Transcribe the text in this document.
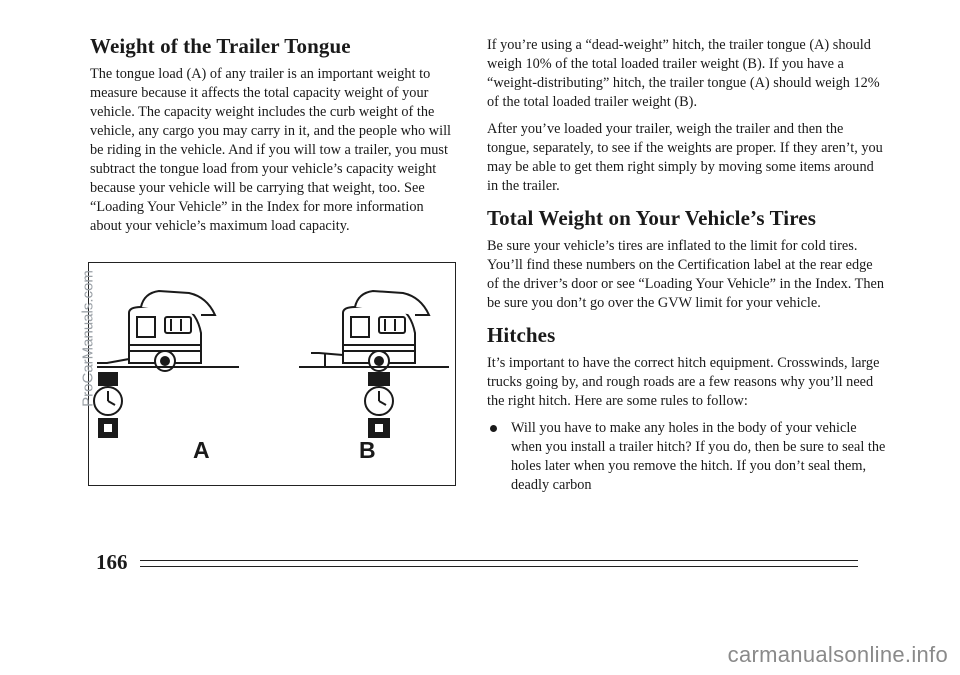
Weight of the Trailer Tongue

The tongue load (A) of any trailer is an important weight to measure because it affects the total capacity weight of your vehicle. The capacity weight includes the curb weight of the vehicle, any cargo you may carry in it, and the people who will be riding in the vehicle. And if you will tow a trailer, you must subtract the tongue load from your vehicle’s capacity weight because your vehicle will be carrying that weight, too. See “Loading Your Vehicle” in the Index for more information about your vehicle’s maximum load capacity.

A	B

If you’re using a “dead-weight” hitch, the trailer tongue (A) should weigh 10% of the total loaded trailer weight (B). If you have a “weight-distributing” hitch, the trailer tongue (A) should weigh 12% of the total loaded trailer weight (B).

After you’ve loaded your trailer, weigh the trailer and then the tongue, separately, to see if the weights are proper. If they aren’t, you may be able to get them right simply by moving some items around in the trailer.

Total Weight on Your Vehicle’s Tires

Be sure your vehicle’s tires are inflated to the limit for cold tires. You’ll find these numbers on the Certification label at the rear edge of the driver’s door or see “Loading Your Vehicle” in the Index. Then be sure you don’t go over the GVW limit for your vehicle.

Hitches

It’s important to have the correct hitch equipment. Crosswinds, large trucks going by, and rough roads are a few reasons why you’ll need the right hitch. Here are some rules to follow:

Will you have to make any holes in the body of your vehicle when you install a trailer hitch? If you do, then be sure to seal the holes later when you remove the hitch. If you don’t seal them, deadly carbon

166
ProCarManuals.com
carmanualsonline.info
